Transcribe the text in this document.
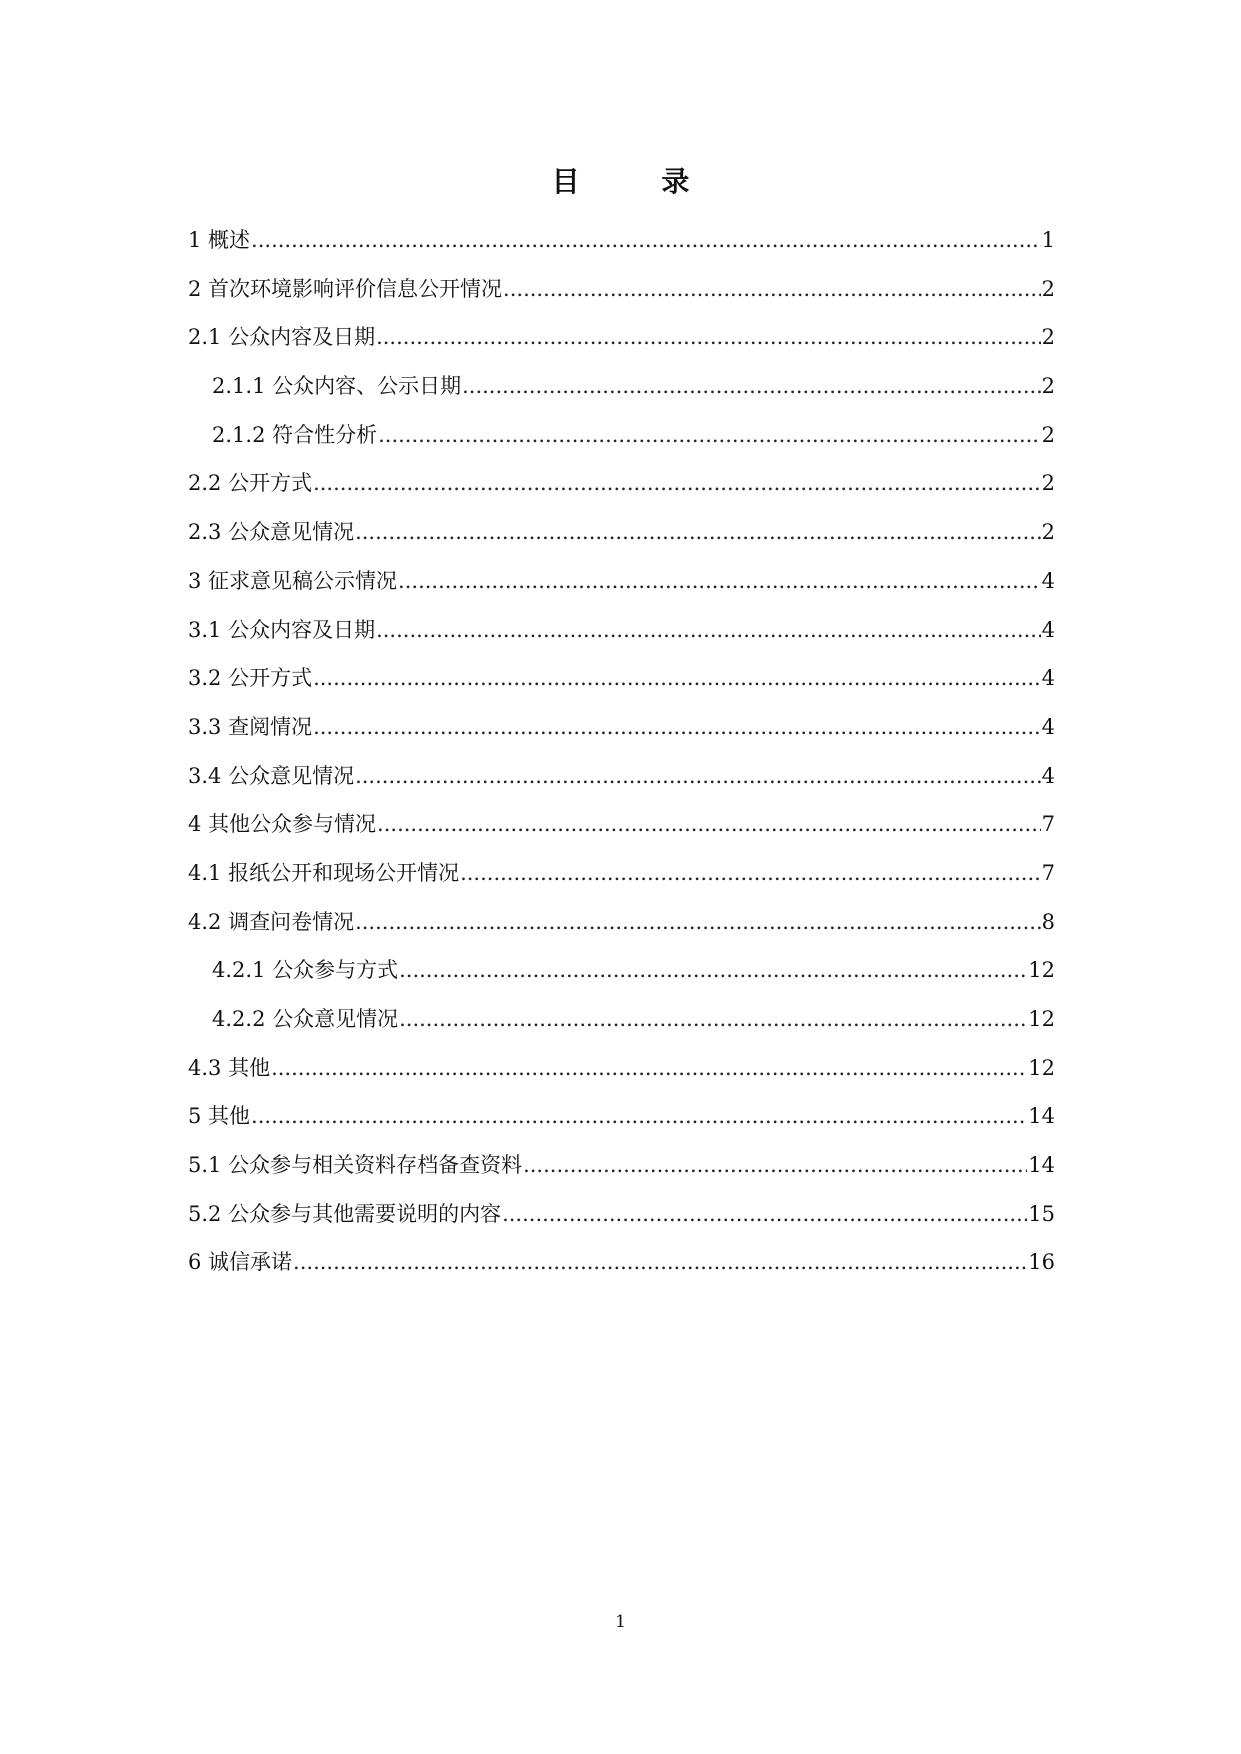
目 录
1 概述 .....	1
2 首次环境影响评价信息公开情况 .....	2
2.1 公众内容及日期 .....	2
2.1.1 公众内容、公示日期 .....	2
2.1.2 符合性分析 .....	2
2.2 公开方式 .....	2
2.3 公众意见情况 .....	2
3 征求意见稿公示情况 .....	4
3.1 公众内容及日期 .....	4
3.2 公开方式 .....	4
3.3 查阅情况 .....	4
3.4 公众意见情况 .....	4
4 其他公众参与情况 .....	7
4.1 报纸公开和现场公开情况 .....	7
4.2 调查问卷情况 .....	8
4.2.1 公众参与方式 .....	12
4.2.2 公众意见情况 .....	12
4.3 其他 .....	12
5 其他 .....	14
5.1 公众参与相关资料存档备查资料 .....	14
5.2 公众参与其他需要说明的内容 .....	15
6 诚信承诺 .....	16
1
